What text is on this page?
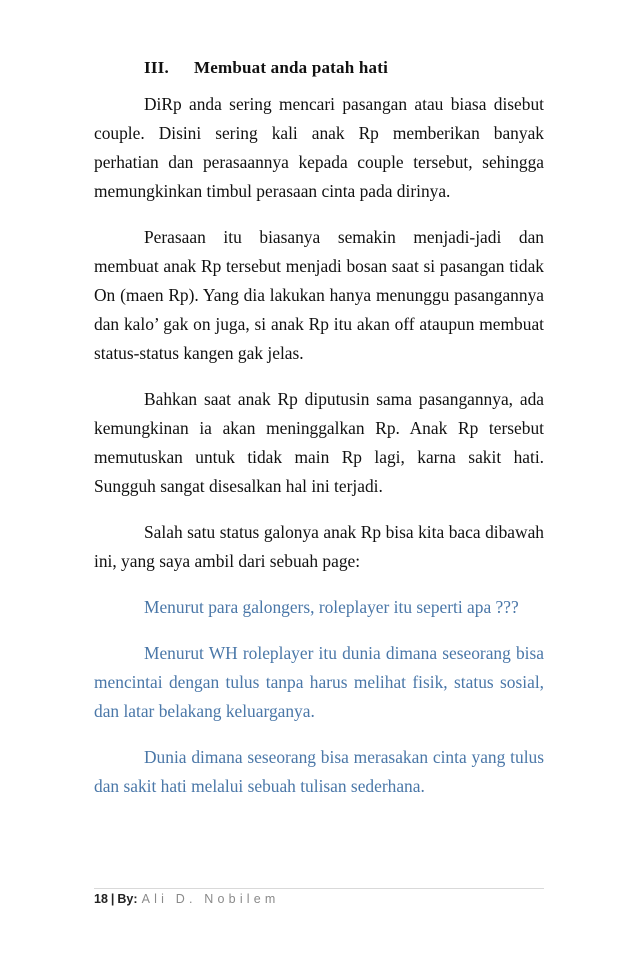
III. Membuat anda patah hati

DiRp anda sering mencari pasangan atau biasa disebut couple. Disini sering kali anak Rp memberikan banyak perhatian dan perasaannya kepada couple tersebut, sehingga memungkinkan timbul perasaan cinta pada dirinya.

Perasaan itu biasanya semakin menjadi-jadi dan membuat anak Rp tersebut menjadi bosan saat si pasangan tidak On (maen Rp). Yang dia lakukan hanya menunggu pasangannya dan kalo’ gak on juga, si anak Rp itu akan off ataupun membuat status-status kangen gak jelas.

Bahkan saat anak Rp diputusin sama pasangannya, ada kemungkinan ia akan meninggalkan Rp. Anak Rp tersebut memutuskan untuk tidak main Rp lagi, karna sakit hati. Sungguh sangat disesalkan hal ini terjadi.

Salah satu status galonya anak Rp bisa kita baca dibawah ini, yang saya ambil dari sebuah page:

Menurut para galongers, roleplayer itu seperti apa ???

Menurut WH roleplayer itu dunia dimana seseorang bisa mencintai dengan tulus tanpa harus melihat fisik, status sosial, dan latar belakang keluarganya.

Dunia dimana seseorang bisa merasakan cinta yang tulus dan sakit hati melalui sebuah tulisan sederhana.

18 | By: Ali D. Nobilem
